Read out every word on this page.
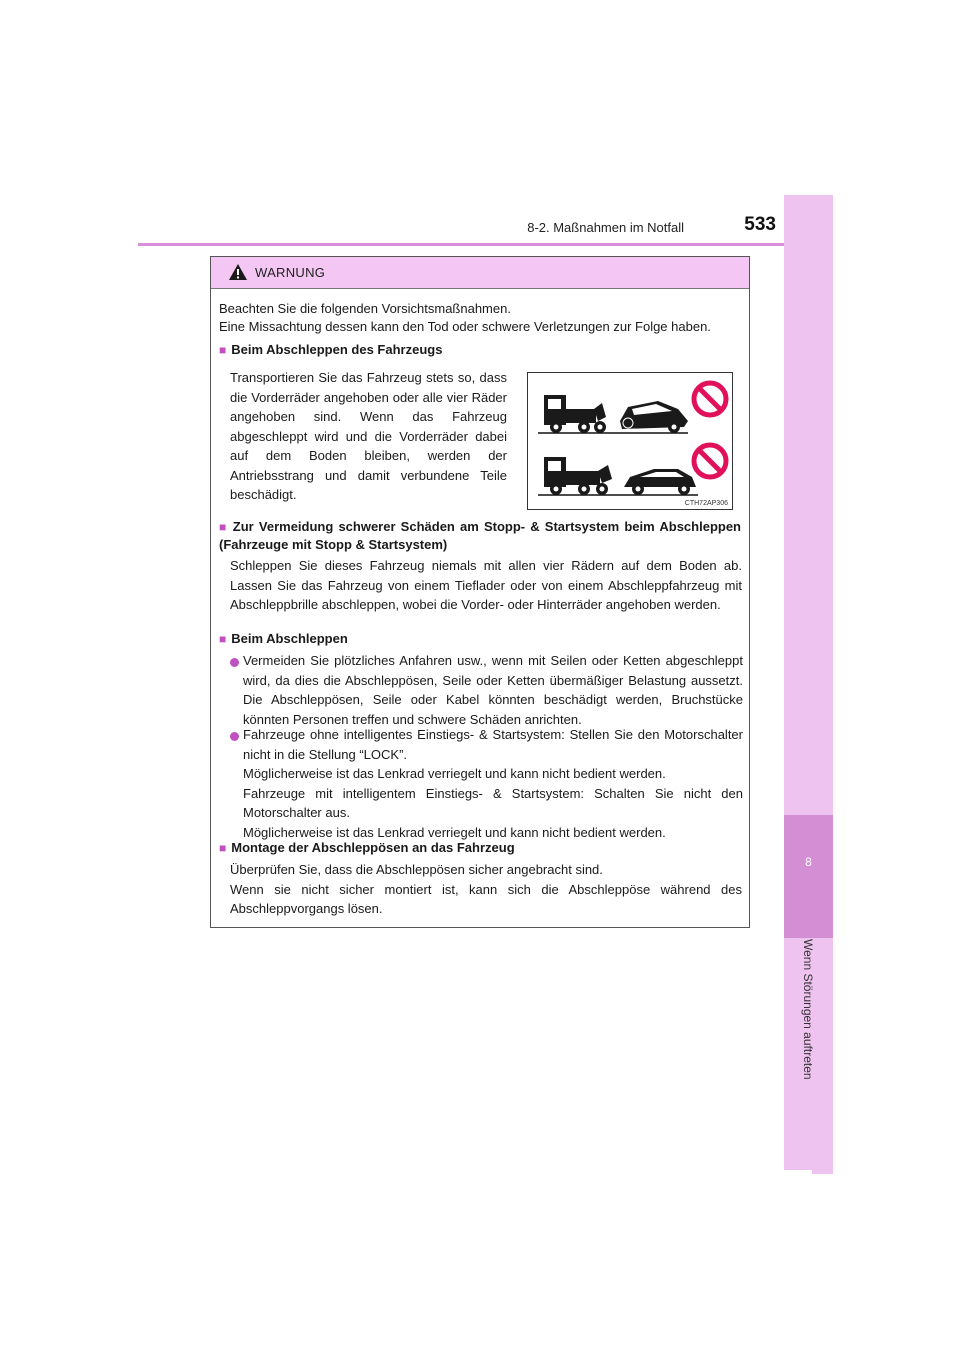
8-2. Maßnahmen im Notfall	533
8
Wenn Störungen auftreten
WARNUNG
Beachten Sie die folgenden Vorsichtsmaßnahmen.
Eine Missachtung dessen kann den Tod oder schwere Verletzungen zur Folge haben.
■ Beim Abschleppen des Fahrzeugs
Transportieren Sie das Fahrzeug stets so, dass die Vorderräder angehoben oder alle vier Räder angehoben sind. Wenn das Fahrzeug abgeschleppt wird und die Vorderräder dabei auf dem Boden bleiben, werden der Antriebsstrang und damit verbundene Teile beschädigt.
CTH72AP306
■ Zur Vermeidung schwerer Schäden am Stopp- & Startsystem beim Abschleppen (Fahrzeuge mit Stopp & Startsystem)
Schleppen Sie dieses Fahrzeug niemals mit allen vier Rädern auf dem Boden ab. Lassen Sie das Fahrzeug von einem Tieflader oder von einem Abschleppfahrzeug mit Abschleppbrille abschleppen, wobei die Vorder- oder Hinterräder angehoben werden.
■ Beim Abschleppen
Vermeiden Sie plötzliches Anfahren usw., wenn mit Seilen oder Ketten abgeschleppt wird, da dies die Abschleppösen, Seile oder Ketten übermäßiger Belastung aussetzt. Die Abschleppösen, Seile oder Kabel könnten beschädigt werden, Bruchstücke könnten Personen treffen und schwere Schäden anrichten.
Fahrzeuge ohne intelligentes Einstiegs- & Startsystem: Stellen Sie den Motorschalter nicht in die Stellung “LOCK”.
Möglicherweise ist das Lenkrad verriegelt und kann nicht bedient werden.
Fahrzeuge mit intelligentem Einstiegs- & Startsystem: Schalten Sie nicht den Motorschalter aus.
Möglicherweise ist das Lenkrad verriegelt und kann nicht bedient werden.
■ Montage der Abschleppösen an das Fahrzeug
Überprüfen Sie, dass die Abschleppösen sicher angebracht sind.
Wenn sie nicht sicher montiert ist, kann sich die Abschleppöse während des Abschleppvorgangs lösen.
